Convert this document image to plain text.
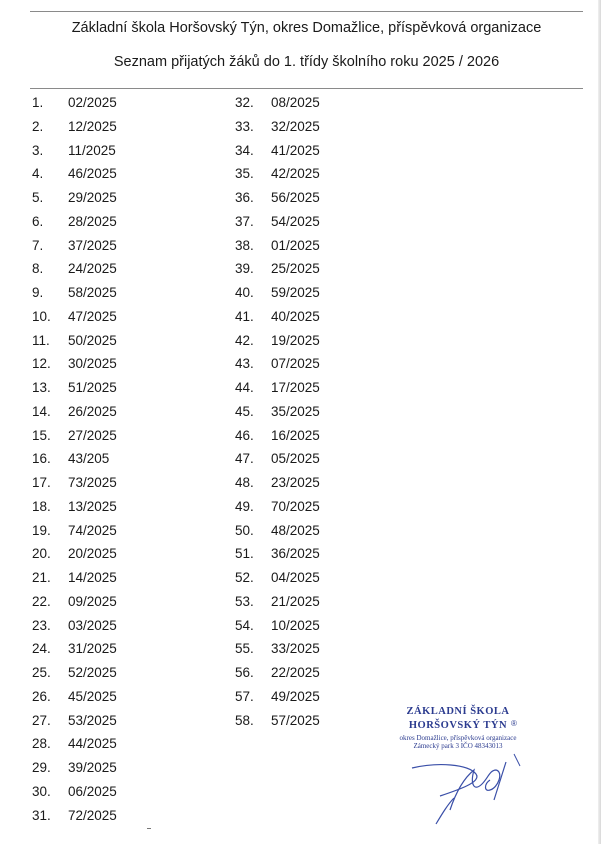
Základní škola Horšovský Týn, okres Domažlice, příspěvková organizace
Seznam přijatých žáků do 1. třídy školního roku 2025 / 2026
1. 02/2025
2. 12/2025
3. 11/2025
4. 46/2025
5. 29/2025
6. 28/2025
7. 37/2025
8. 24/2025
9. 58/2025
10. 47/2025
11. 50/2025
12. 30/2025
13. 51/2025
14. 26/2025
15. 27/2025
16. 43/205
17. 73/2025
18. 13/2025
19. 74/2025
20. 20/2025
21. 14/2025
22. 09/2025
23. 03/2025
24. 31/2025
25. 52/2025
26. 45/2025
27. 53/2025
28. 44/2025
29. 39/2025
30. 06/2025
31. 72/2025
32. 08/2025
33. 32/2025
34. 41/2025
35. 42/2025
36. 56/2025
37. 54/2025
38. 01/2025
39. 25/2025
40. 59/2025
41. 40/2025
42. 19/2025
43. 07/2025
44. 17/2025
45. 35/2025
46. 16/2025
47. 05/2025
48. 23/2025
49. 70/2025
50. 48/2025
51. 36/2025
52. 04/2025
53. 21/2025
54. 10/2025
55. 33/2025
56. 22/2025
57. 49/2025
58. 57/2025
ZÁKLADNÍ ŠKOLA
HORŠOVSKÝ TÝN ®
okres Domažlice, příspěvková organizace
Zámecký park 3 IČO 48343013
